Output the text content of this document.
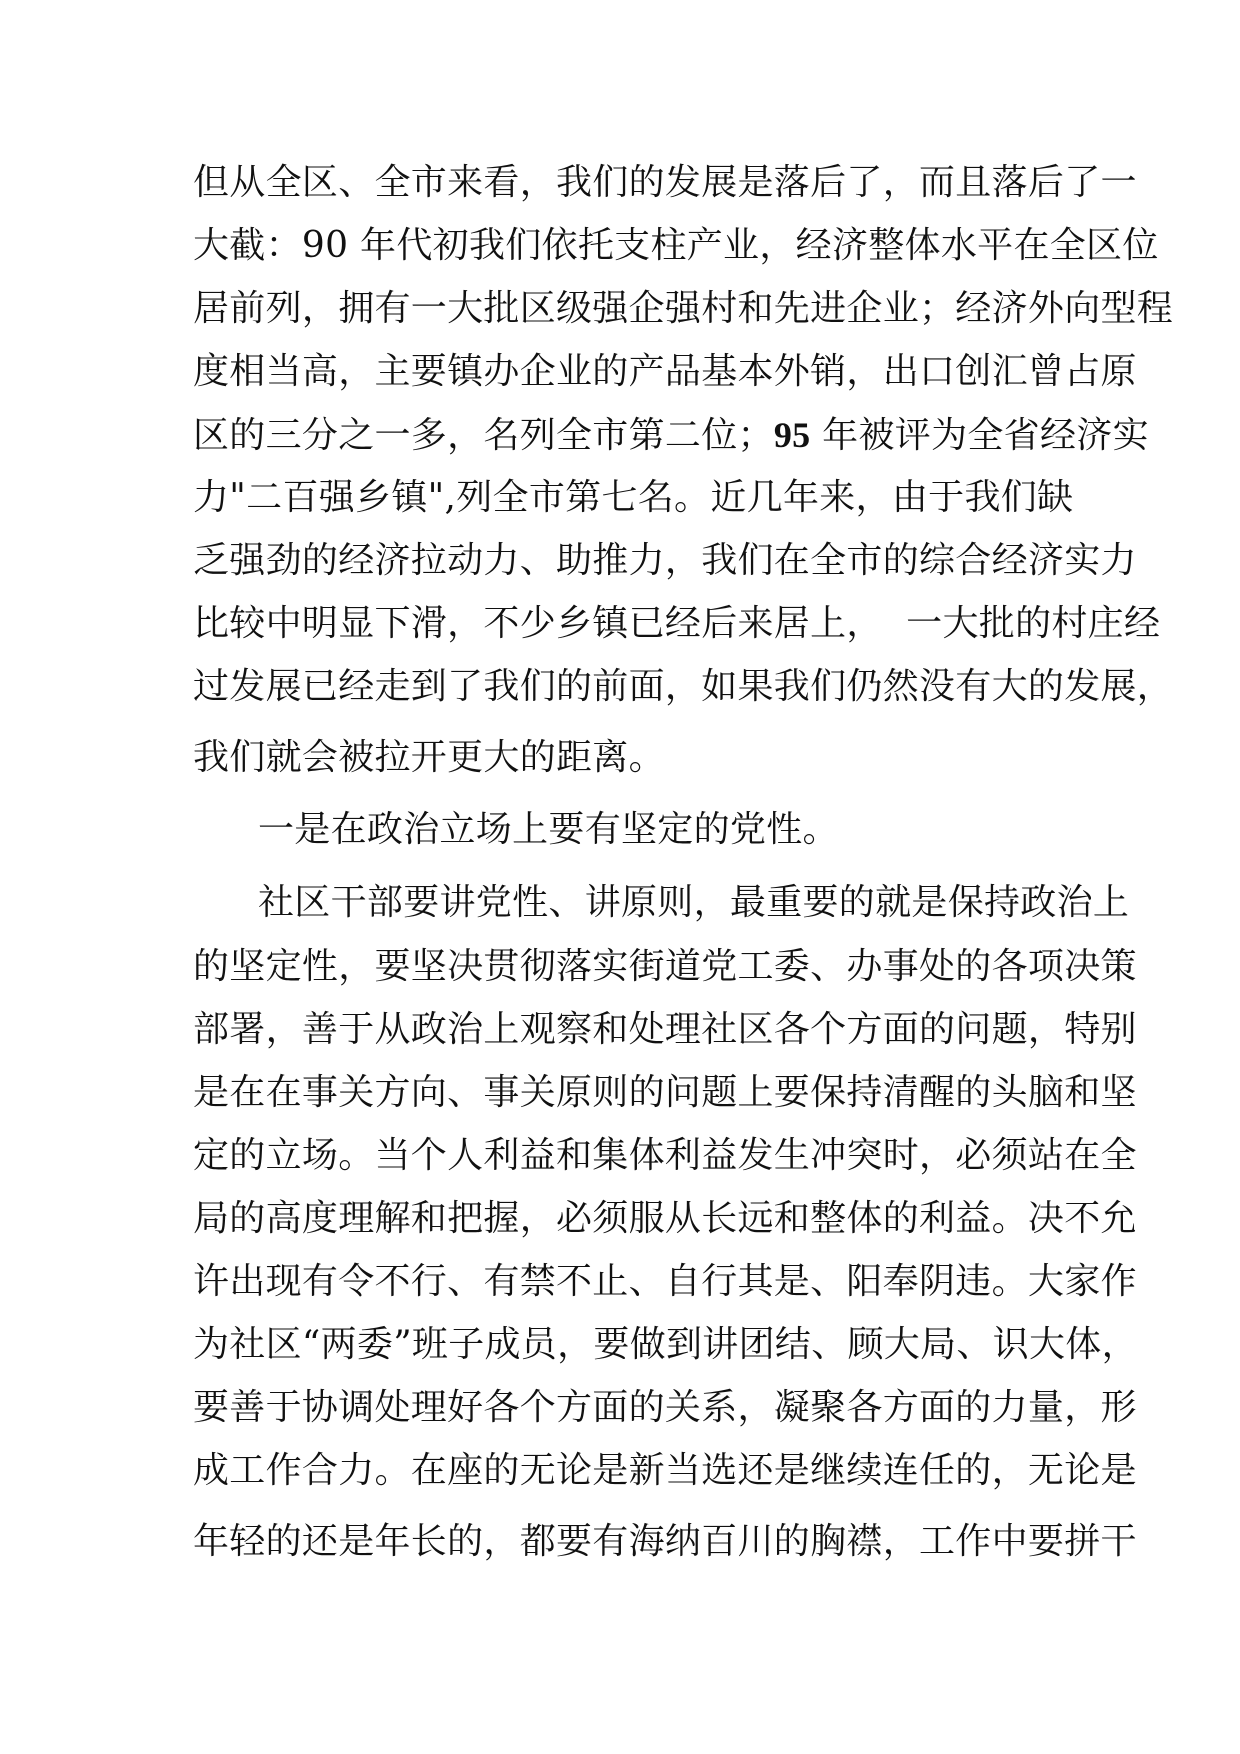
但从全区、全市来看，我们的发展是落后了，而且落后了一
大截：90 年代初我们依托支柱产业，经济整体水平在全区位
居前列，拥有一大批区级强企强村和先进企业；经济外向型程
度相当高，主要镇办企业的产品基本外销，出口创汇曾占原
区的三分之一多，名列全市第二位；95 年被评为全省经济实
力"二百强乡镇",列全市第七名。近几年来，由于我们缺
乏强劲的经济拉动力、助推力，我们在全市的综合经济实力
比较中明显下滑，不少乡镇已经后来居上，  一大批的村庄经
过发展已经走到了我们的前面，如果我们仍然没有大的发展，
我们就会被拉开更大的距离。
一是在政治立场上要有坚定的党性。
社区干部要讲党性、讲原则，最重要的就是保持政治上
的坚定性，要坚决贯彻落实街道党工委、办事处的各项决策
部署，善于从政治上观察和处理社区各个方面的问题，特别
是在在事关方向、事关原则的问题上要保持清醒的头脑和坚
定的立场。当个人利益和集体利益发生冲突时，必须站在全
局的高度理解和把握，必须服从长远和整体的利益。决不允
许出现有令不行、有禁不止、自行其是、阳奉阴违。大家作
为社区“两委”班子成员，要做到讲团结、顾大局、识大体，
要善于协调处理好各个方面的关系，凝聚各方面的力量，形
成工作合力。在座的无论是新当选还是继续连任的，无论是
年轻的还是年长的，都要有海纳百川的胸襟，工作中要拼干
